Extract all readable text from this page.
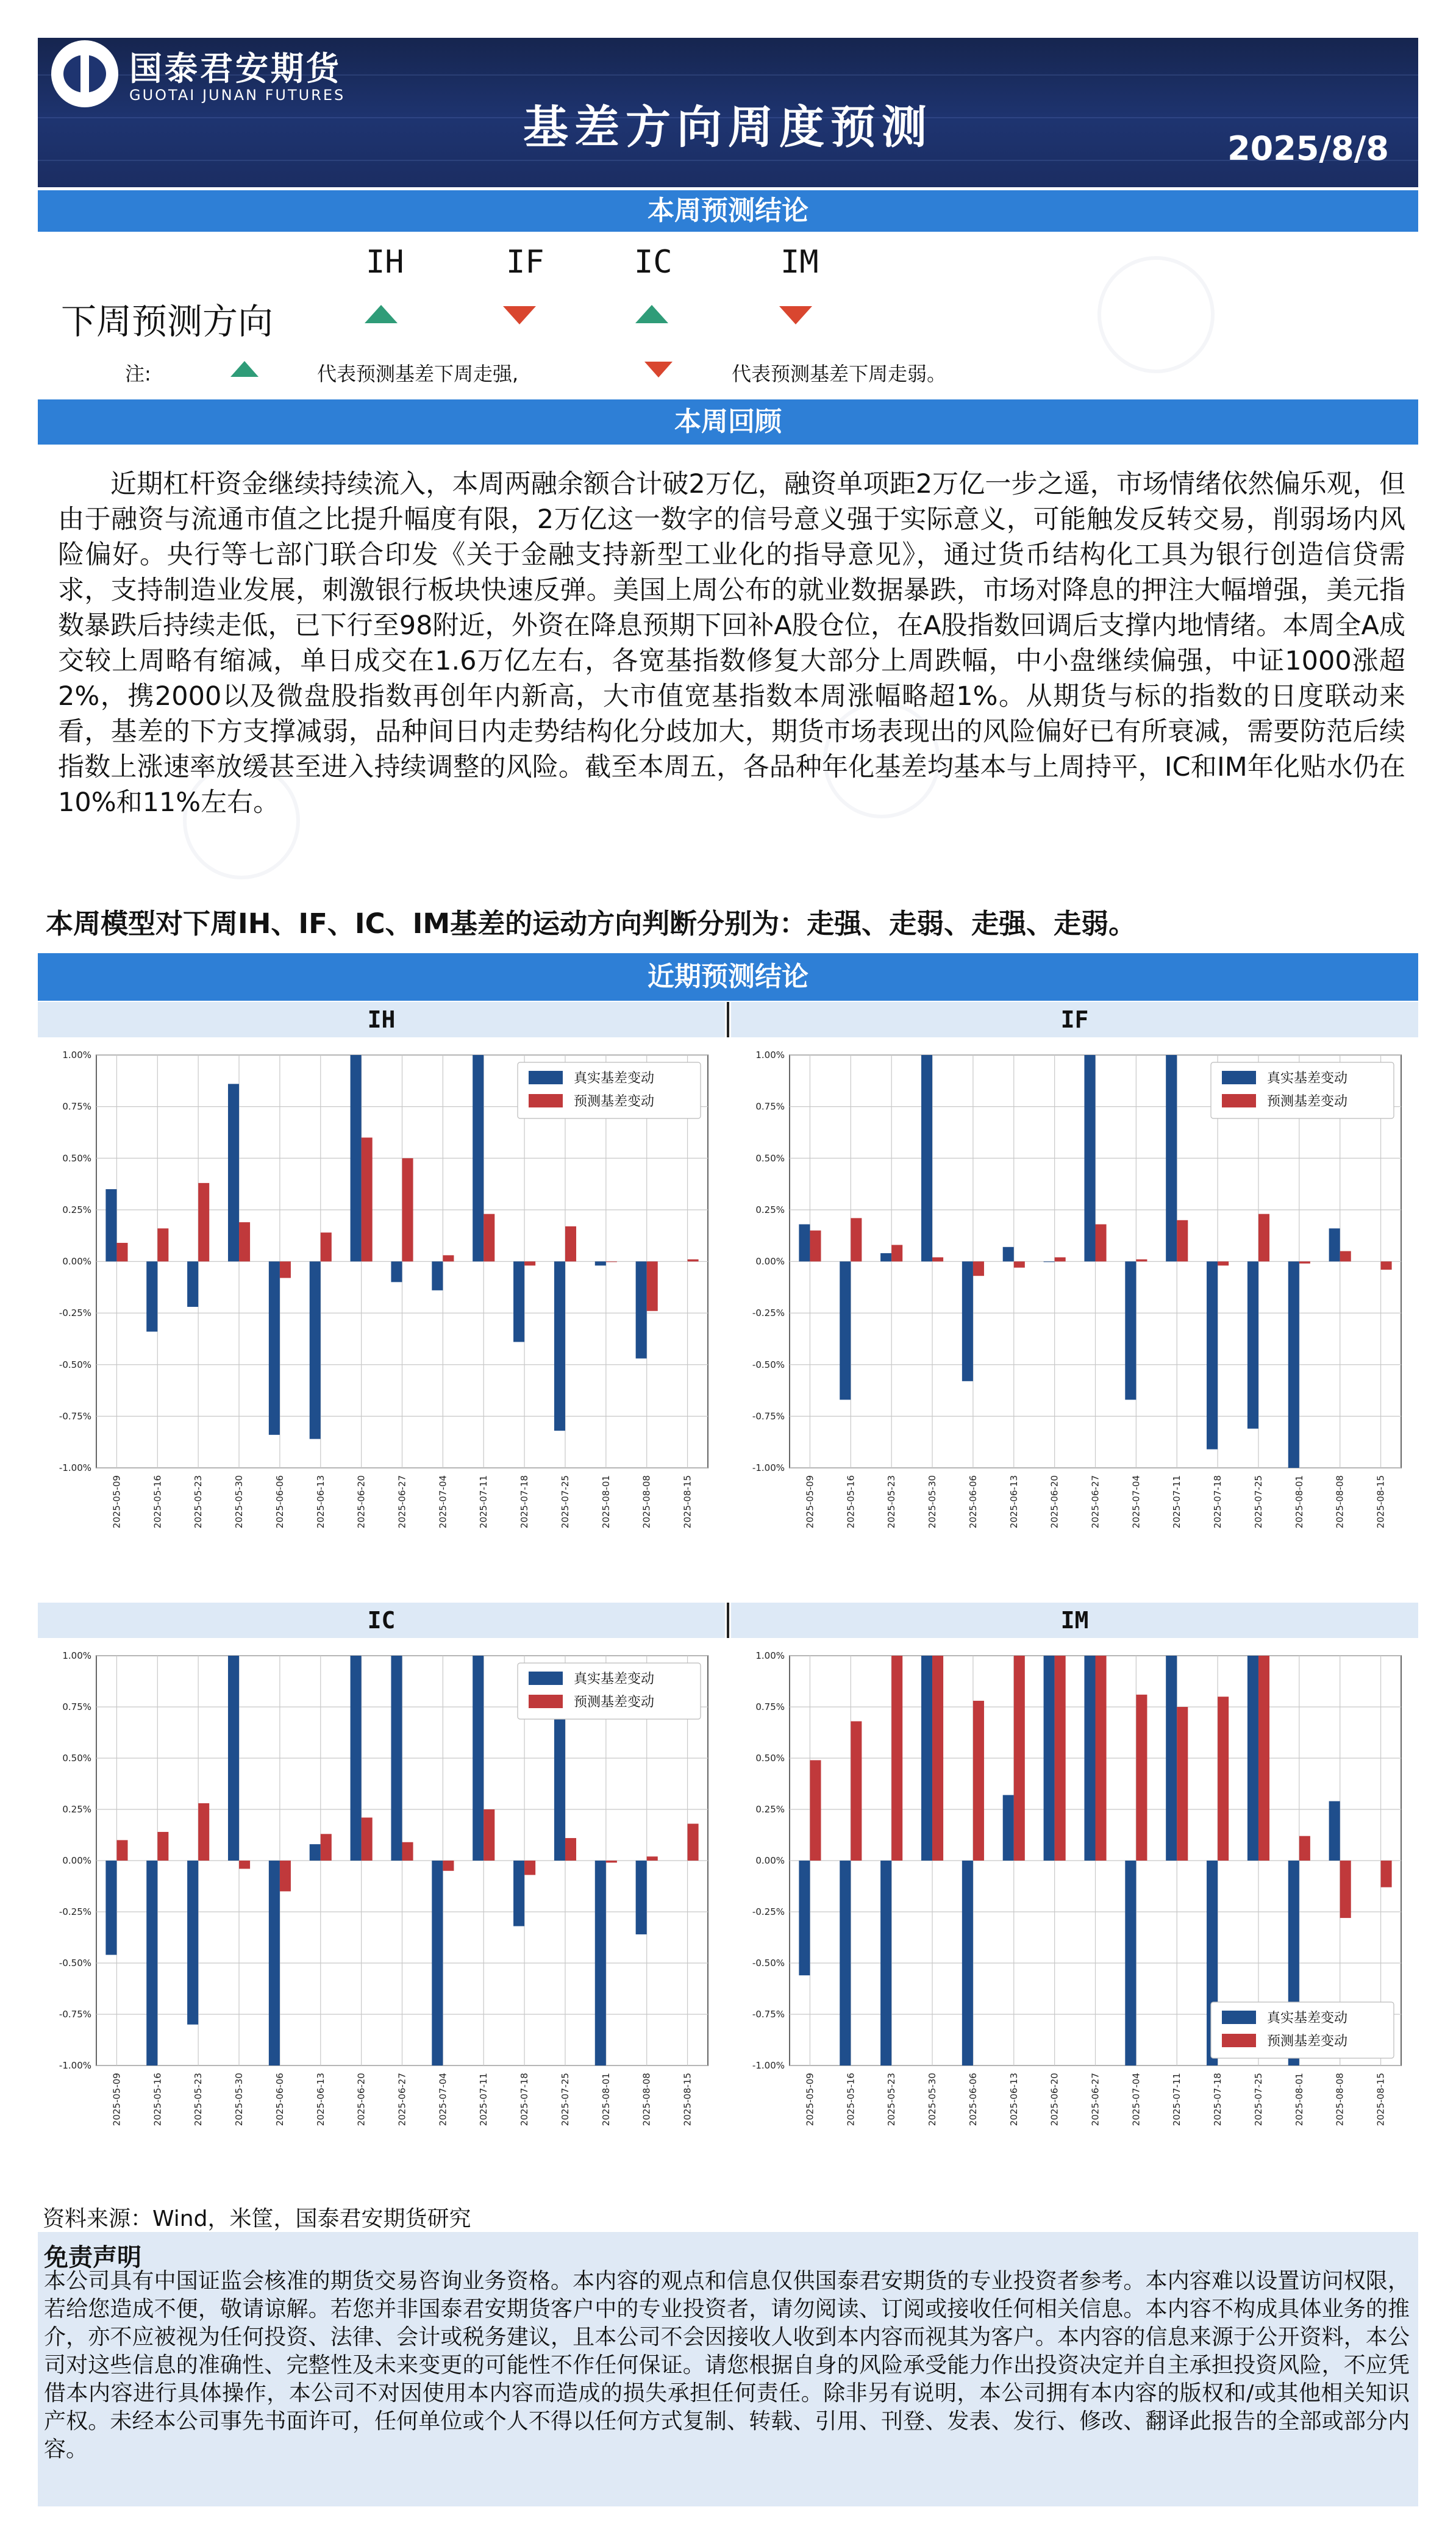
国泰君安期货
GUOTAI JUNAN FUTURES
基差方向周度预测	2025/8/8
本周预测结论
IH	IF	IC	IM
下周预测方向
注:	代表预测基差下周走强,	代表预测基差下周走弱。
本周回顾
近期杠杆资金继续持续流入，本周两融余额合计破2万亿，融资单项距2万亿一步之遥，市场情绪依然偏乐观，但由于融资与流通市值之比提升幅度有限，2万亿这一数字的信号意义强于实际意义，可能触发反转交易，削弱场内风险偏好。央行等七部门联合印发《关于金融支持新型工业化的指导意见》，通过货币结构化工具为银行创造信贷需求，支持制造业发展，刺激银行板块快速反弹。美国上周公布的就业数据暴跌，市场对降息的押注大幅增强，美元指数暴跌后持续走低，已下行至98附近，外资在降息预期下回补A股仓位，在A股指数回调后支撑内地情绪。本周全A成交较上周略有缩减，单日成交在1.6万亿左右，各宽基指数修复大部分上周跌幅，中小盘继续偏强，中证1000涨超2%，携2000以及微盘股指数再创年内新高，大市值宽基指数本周涨幅略超1%。从期货与标的指数的日度联动来看，基差的下方支撑减弱，品种间日内走势结构化分歧加大，期货市场表现出的风险偏好已有所衰减，需要防范后续指数上涨速率放缓甚至进入持续调整的风险。截至本周五，各品种年化基差均基本与上周持平，IC和IM年化贴水仍在10%和11%左右。
本周模型对下周IH、IF、IC、IM基差的运动方向判断分别为：走强、走弱、走强、走弱。
近期预测结论
IH	IF
IC	IM
-1.00%
-0.75%
-0.50%
-0.25%
0.00%
0.25%
0.50%
0.75%
1.00%
2025-05-09	2025-05-16	2025-05-23	2025-05-30	2025-06-06	2025-06-13	2025-06-20	2025-06-27	2025-07-04	2025-07-11	2025-07-18	2025-07-25	2025-08-01	2025-08-08	2025-08-15
真实基差变动
预测基差变动
-1.00%
-0.75%
-0.50%
-0.25%
0.00%
0.25%
0.50%
0.75%
1.00%
2025-05-09	2025-05-16	2025-05-23	2025-05-30	2025-06-06	2025-06-13	2025-06-20	2025-06-27	2025-07-04	2025-07-11	2025-07-18	2025-07-25	2025-08-01	2025-08-08	2025-08-15
真实基差变动
预测基差变动
-1.00%
-0.75%
-0.50%
-0.25%
0.00%
0.25%
0.50%
0.75%
1.00%
2025-05-09	2025-05-16	2025-05-23	2025-05-30	2025-06-06	2025-06-13	2025-06-20	2025-06-27	2025-07-04	2025-07-11	2025-07-18	2025-07-25	2025-08-01	2025-08-08	2025-08-15
真实基差变动
预测基差变动
-1.00%
-0.75%
-0.50%
-0.25%
0.00%
0.25%
0.50%
0.75%
1.00%
2025-05-09	2025-05-16	2025-05-23	2025-05-30	2025-06-06	2025-06-13	2025-06-20	2025-06-27	2025-07-04	2025-07-11	2025-07-18	2025-07-25	2025-08-01	2025-08-08	2025-08-15
真实基差变动
预测基差变动
资料来源：Wind，米筐，国泰君安期货研究
免责声明
本公司具有中国证监会核准的期货交易咨询业务资格。本内容的观点和信息仅供国泰君安期货的专业投资者参考。本内容难以设置访问权限，若给您造成不便，敬请谅解。若您并非国泰君安期货客户中的专业投资者，请勿阅读、订阅或接收任何相关信息。本内容不构成具体业务的推介，亦不应被视为任何投资、法律、会计或税务建议，且本公司不会因接收人收到本内容而视其为客户。本内容的信息来源于公开资料，本公司对这些信息的准确性、完整性及未来变更的可能性不作任何保证。请您根据自身的风险承受能力作出投资决定并自主承担投资风险，不应凭借本内容进行具体操作，本公司不对因使用本内容而造成的损失承担任何责任。除非另有说明，本公司拥有本内容的版权和/或其他相关知识产权。未经本公司事先书面许可，任何单位或个人不得以任何方式复制、转载、引用、刊登、发表、发行、修改、翻译此报告的全部或部分内容。
